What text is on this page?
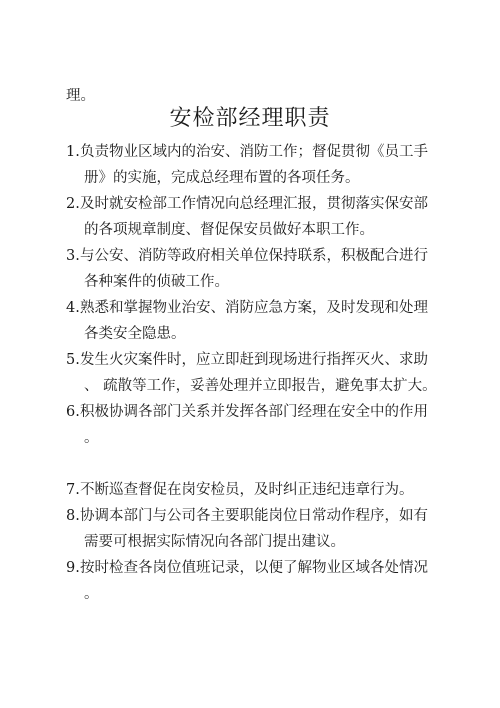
理。
安检部经理职责
1. 负责物业区域内的治安、消防工作；督促贯彻《员工手
册》的实施，完成总经理布置的各项任务。
2. 及时就安检部工作情况向总经理汇报，贯彻落实保安部
的各项规章制度、督促保安员做好本职工作。
3. 与公安、消防等政府相关单位保持联系，积极配合进行
各种案件的侦破工作。
4. 熟悉和掌握物业治安、消防应急方案，及时发现和处理
各类安全隐患。
5. 发生火灾案件时，应立即赶到现场进行指挥灭火、求助
、 疏散等工作，妥善处理并立即报告，避免事太扩大。
6. 积极协调各部门关系并发挥各部门经理在安全中的作用
。
7. 不断巡查督促在岗安检员，及时纠正违纪违章行为。
8. 协调本部门与公司各主要职能岗位日常动作程序，如有
需要可根据实际情况向各部门提出建议。
9. 按时检查各岗位值班记录，以便了解物业区域各处情况
。
